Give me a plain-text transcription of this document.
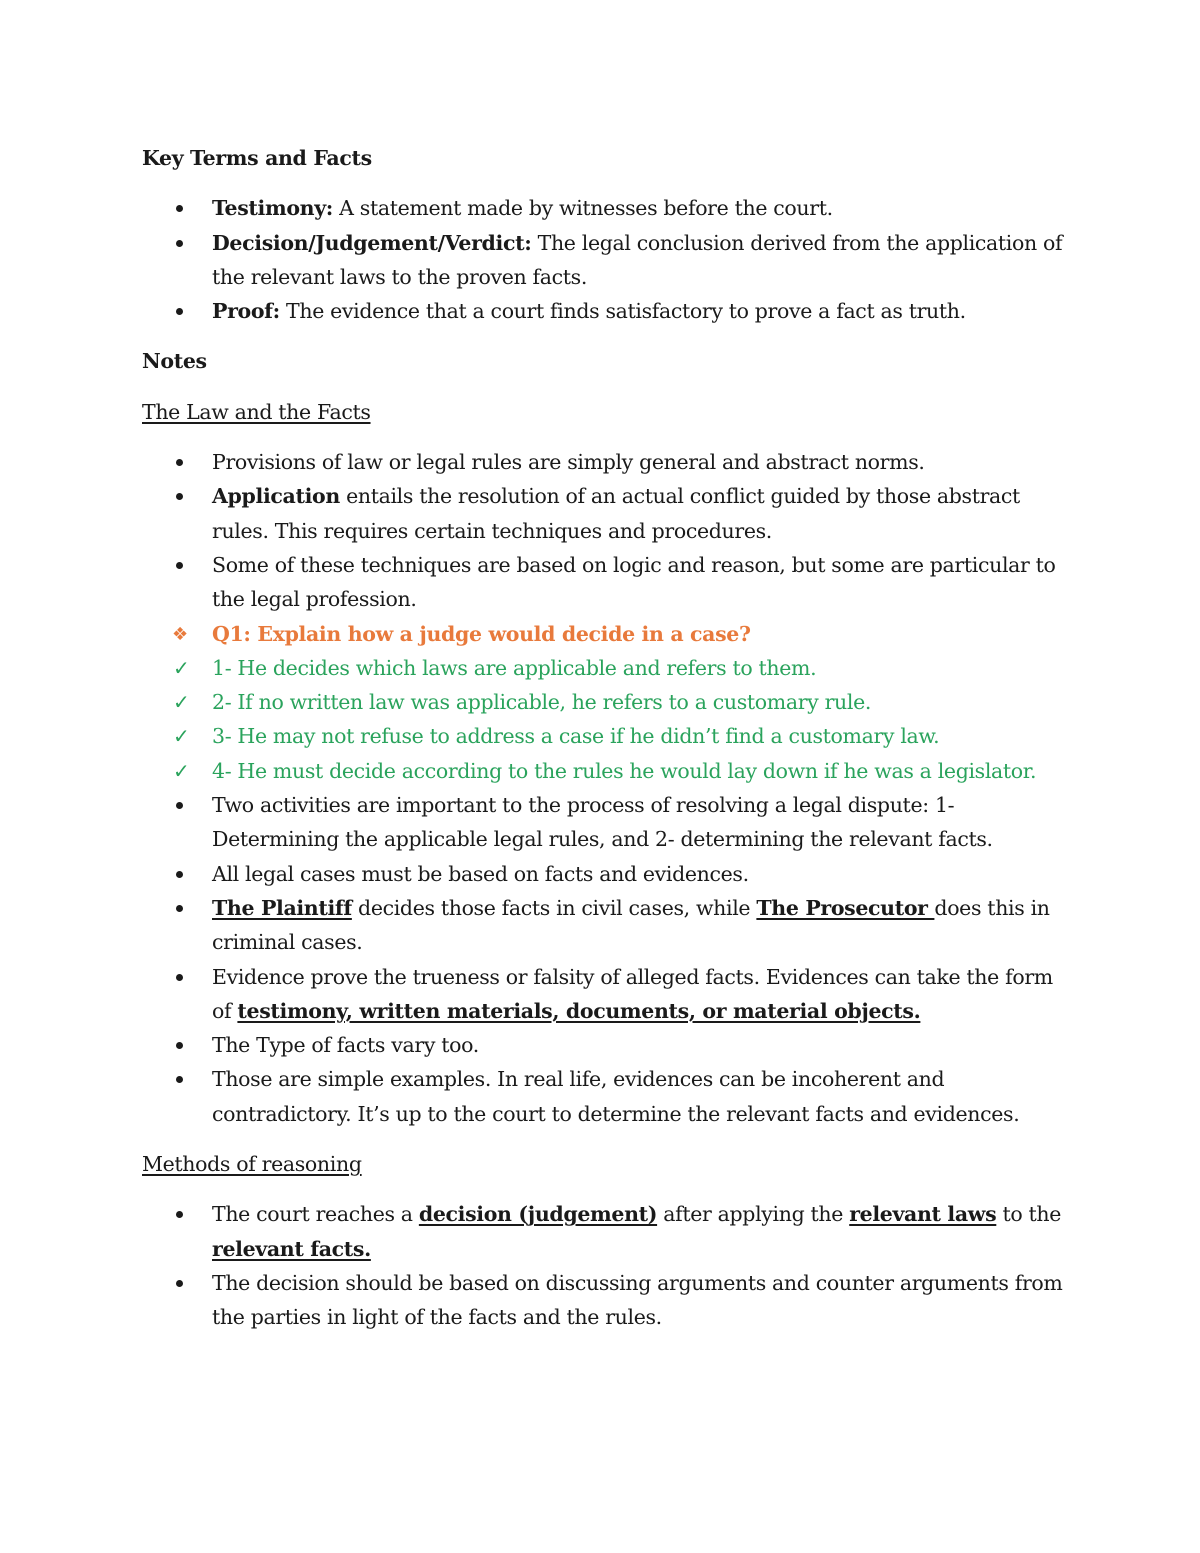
Key Terms and Facts
Testimony: A statement made by witnesses before the court.
Decision/Judgement/Verdict: The legal conclusion derived from the application of the relevant laws to the proven facts.
Proof: The evidence that a court finds satisfactory to prove a fact as truth.
Notes
The Law and the Facts
Provisions of law or legal rules are simply general and abstract norms.
Application entails the resolution of an actual conflict guided by those abstract rules. This requires certain techniques and procedures.
Some of these techniques are based on logic and reason, but some are particular to the legal profession.
❖ Q1: Explain how a judge would decide in a case?
✓ 1- He decides which laws are applicable and refers to them.
✓ 2- If no written law was applicable, he refers to a customary rule.
✓ 3- He may not refuse to address a case if he didn’t find a customary law.
✓ 4- He must decide according to the rules he would lay down if he was a legislator.
Two activities are important to the process of resolving a legal dispute: 1- Determining the applicable legal rules, and 2- determining the relevant facts.
All legal cases must be based on facts and evidences.
The Plaintiff decides those facts in civil cases, while The Prosecutor does this in criminal cases.
Evidence prove the trueness or falsity of alleged facts. Evidences can take the form of testimony, written materials, documents, or material objects.
The Type of facts vary too.
Those are simple examples. In real life, evidences can be incoherent and contradictory. It’s up to the court to determine the relevant facts and evidences.
Methods of reasoning
The court reaches a decision (judgement) after applying the relevant laws to the relevant facts.
The decision should be based on discussing arguments and counter arguments from the parties in light of the facts and the rules.
